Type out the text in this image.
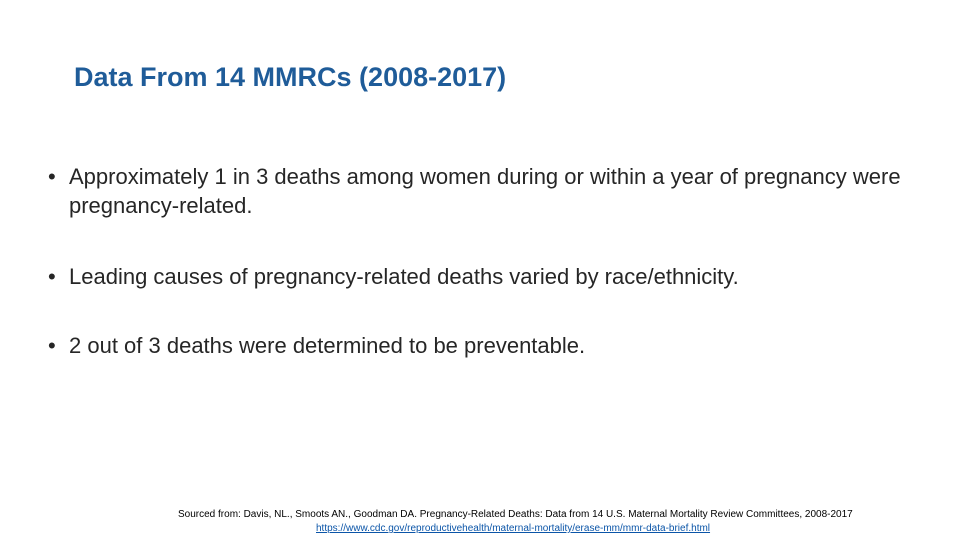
Data From 14 MMRCs (2008-2017)
• Approximately 1 in 3 deaths among women during or within a year of pregnancy were pregnancy-related.
• Leading causes of pregnancy-related deaths varied by race/ethnicity.
• 2 out of 3 deaths were determined to be preventable.
Sourced from: Davis, NL., Smoots AN., Goodman DA. Pregnancy-Related Deaths: Data from 14 U.S. Maternal Mortality Review Committees, 2008-2017
https://www.cdc.gov/reproductivehealth/maternal-mortality/erase-mm/mmr-data-brief.html
